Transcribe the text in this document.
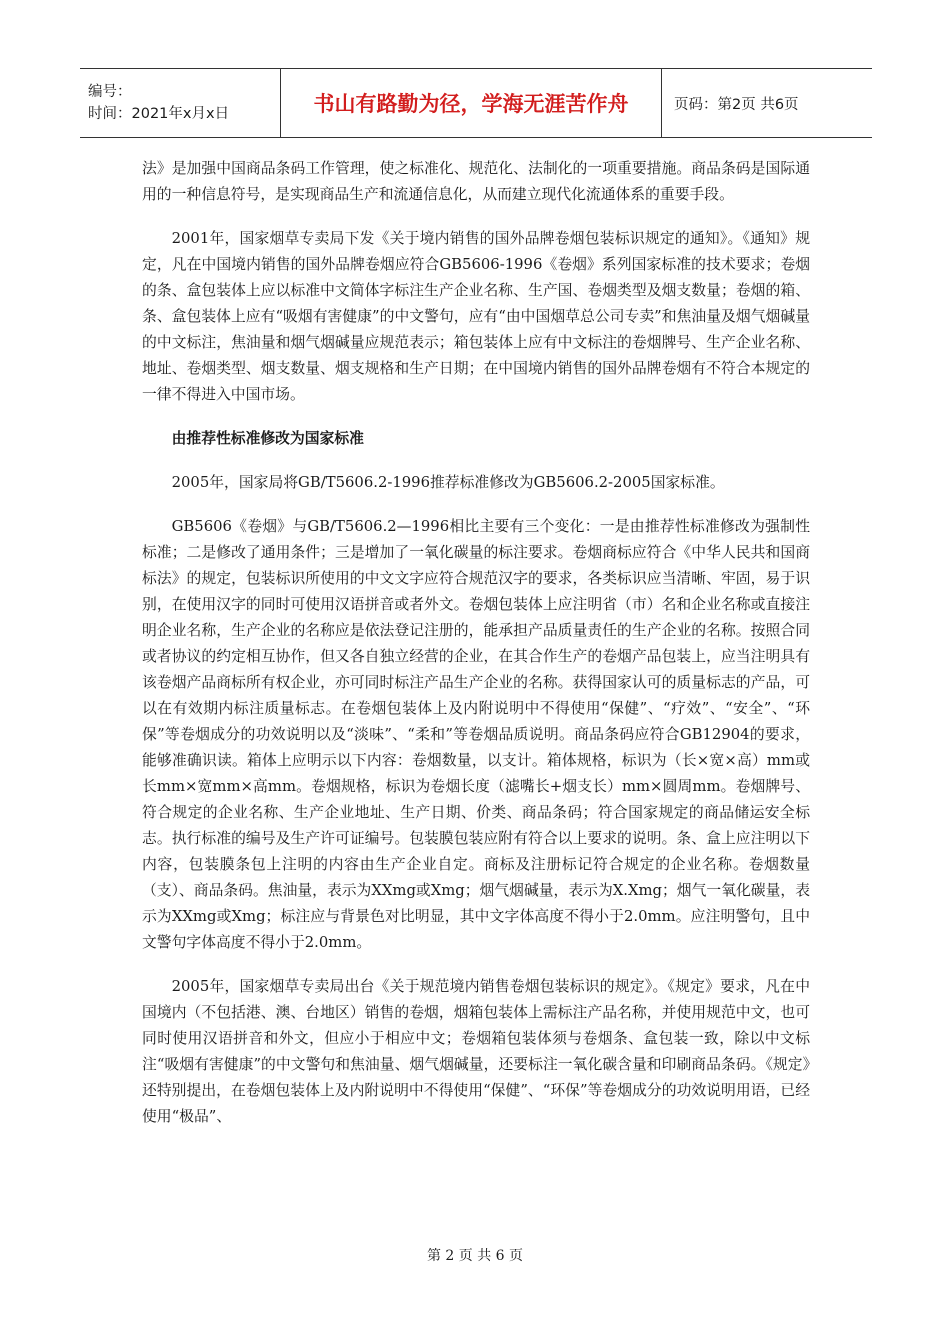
编号：
时间：2021年x月x日	书山有路勤为径，学海无涯苦作舟	页码：第2页 共6页

法》是加强中国商品条码工作管理，使之标准化、规范化、法制化的一项重要措施。商品条码是国际通用的一种信息符号，是实现商品生产和流通信息化，从而建立现代化流通体系的重要手段。

2001年，国家烟草专卖局下发《关于境内销售的国外品牌卷烟包装标识规定的通知》。《通知》规定，凡在中国境内销售的国外品牌卷烟应符合GB5606-1996《卷烟》系列国家标准的技术要求；卷烟的条、盒包装体上应以标准中文简体字标注生产企业名称、生产国、卷烟类型及烟支数量；卷烟的箱、条、盒包装体上应有“吸烟有害健康”的中文警句，应有“由中国烟草总公司专卖”和焦油量及烟气烟碱量的中文标注，焦油量和烟气烟碱量应规范表示；箱包装体上应有中文标注的卷烟牌号、生产企业名称、地址、卷烟类型、烟支数量、烟支规格和生产日期；在中国境内销售的国外品牌卷烟有不符合本规定的一律不得进入中国市场。

由推荐性标准修改为国家标准

2005年，国家局将GB/T5606.2-1996推荐标准修改为GB5606.2-2005国家标准。

GB5606《卷烟》与GB/T5606.2—1996相比主要有三个变化：一是由推荐性标准修改为强制性标准；二是修改了通用条件；三是增加了一氧化碳量的标注要求。卷烟商标应符合《中华人民共和国商标法》的规定，包装标识所使用的中文文字应符合规范汉字的要求，各类标识应当清晰、牢固，易于识别，在使用汉字的同时可使用汉语拼音或者外文。卷烟包装体上应注明省（市）名和企业名称或直接注明企业名称，生产企业的名称应是依法登记注册的，能承担产品质量责任的生产企业的名称。按照合同或者协议的约定相互协作，但又各自独立经营的企业，在其合作生产的卷烟产品包装上，应当注明具有该卷烟产品商标所有权企业，亦可同时标注产品生产企业的名称。获得国家认可的质量标志的产品，可以在有效期内标注质量标志。在卷烟包装体上及内附说明中不得使用“保健”、“疗效”、“安全”、“环保”等卷烟成分的功效说明以及“淡味”、“柔和”等卷烟品质说明。商品条码应符合GB12904的要求，能够准确识读。箱体上应明示以下内容：卷烟数量，以支计。箱体规格，标识为（长×宽×高）mm或长mm×宽mm×高mm。卷烟规格，标识为卷烟长度（滤嘴长+烟支长）mm×圆周mm。卷烟牌号、符合规定的企业名称、生产企业地址、生产日期、价类、商品条码；符合国家规定的商品储运安全标志。执行标准的编号及生产许可证编号。包装膜包装应附有符合以上要求的说明。条、盒上应注明以下内容，包装膜条包上注明的内容由生产企业自定。商标及注册标记符合规定的企业名称。卷烟数量（支）、商品条码。焦油量，表示为XXmg或Xmg；烟气烟碱量，表示为X.Xmg；烟气一氧化碳量，表示为XXmg或Xmg；标注应与背景色对比明显，其中文字体高度不得小于2.0mm。应注明警句，且中文警句字体高度不得小于2.0mm。

2005年，国家烟草专卖局出台《关于规范境内销售卷烟包装标识的规定》。《规定》要求，凡在中国境内（不包括港、澳、台地区）销售的卷烟，烟箱包装体上需标注产品名称，并使用规范中文，也可同时使用汉语拼音和外文，但应小于相应中文；卷烟箱包装体须与卷烟条、盒包装一致，除以中文标注“吸烟有害健康”的中文警句和焦油量、烟气烟碱量，还要标注一氧化碳含量和印刷商品条码。《规定》还特别提出，在卷烟包装体上及内附说明中不得使用“保健”、“环保”等卷烟成分的功效说明用语，已经使用“极品”、

第 2 页 共 6 页
